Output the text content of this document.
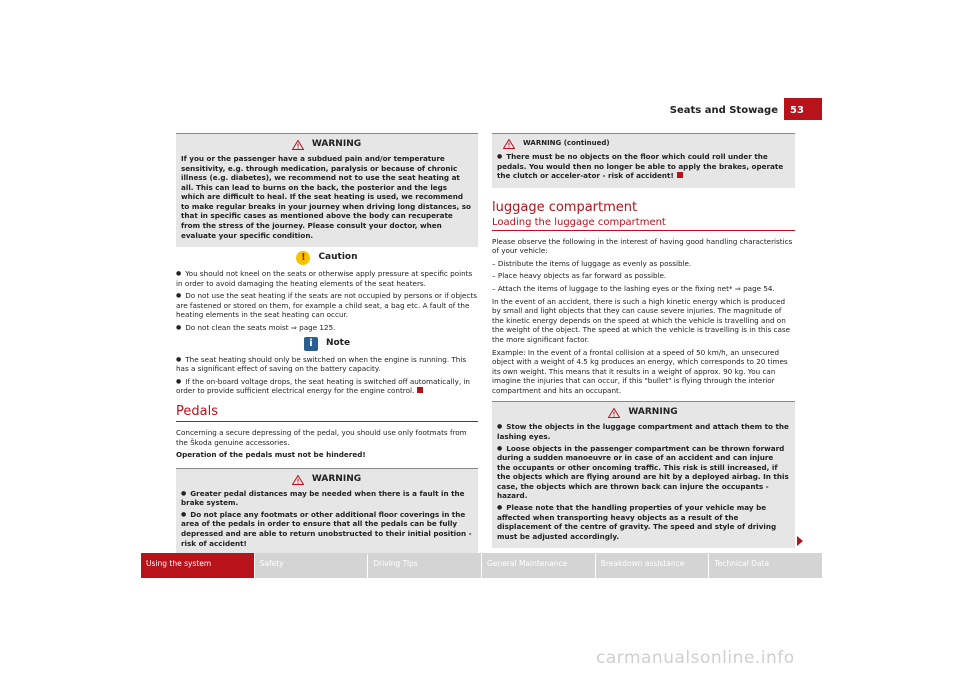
Seats and Stowage	53
WARNING

If you or the passenger have a subdued pain and/or temperature sensitivity, e.g. through medication, paralysis or because of chronic illness (e.g. diabetes), we recommend not to use the seat heating at all. This can lead to burns on the back, the posterior and the legs which are difficult to heal. If the seat heating is used, we recommend to make regular breaks in your journey when driving long distances, so that in specific cases as mentioned above the body can recuperate from the stress of the journey. Please consult your doctor, when evaluate your specific condition.

!	Caution

● You should not kneel on the seats or otherwise apply pressure at specific points in order to avoid damaging the heating elements of the seat heaters.

● Do not use the seat heating if the seats are not occupied by persons or if objects are fastened or stored on them, for example a child seat, a bag etc. A fault of the heating elements in the seat heating can occur.

● Do not clean the seats moist ⇒ page 125.

i	Note

● The seat heating should only be switched on when the engine is running. This has a significant effect of saving on the battery capacity.

● If the on-board voltage drops, the seat heating is switched off automatically, in order to provide sufficient electrical energy for the engine control.

Pedals

Concerning a secure depressing of the pedal, you should use only footmats from the Škoda genuine accessories.

Operation of the pedals must not be hindered!

WARNING

● Greater pedal distances may be needed when there is a fault in the brake system.

● Do not place any footmats or other additional floor coverings in the area of the pedals in order to ensure that all the pedals can be fully depressed and are able to return unobstructed to their initial position - risk of accident!

WARNING (continued)

● There must be no objects on the floor which could roll under the pedals. You would then no longer be able to apply the brakes, operate the clutch or acceler-ator - risk of accident!

luggage compartment
Loading the luggage compartment

Please observe the following in the interest of having good handling characteristics of your vehicle:

– Distribute the items of luggage as evenly as possible.

– Place heavy objects as far forward as possible.

– Attach the items of luggage to the lashing eyes or the fixing net* ⇒ page 54.

In the event of an accident, there is such a high kinetic energy which is produced by small and light objects that they can cause severe injuries. The magnitude of the kinetic energy depends on the speed at which the vehicle is travelling and on the weight of the object. The speed at which the vehicle is travelling is in this case the more significant factor.

Example: In the event of a frontal collision at a speed of 50 km/h, an unsecured object with a weight of 4.5 kg produces an energy, which corresponds to 20 times its own weight. This means that it results in a weight of approx. 90 kg. You can imagine the injuries that can occur, if this "bullet" is flying through the interior compartment and hits an occupant.

WARNING

● Stow the objects in the luggage compartment and attach them to the lashing eyes.

● Loose objects in the passenger compartment can be thrown forward during a sudden manoeuvre or in case of an accident and can injure the occupants or other oncoming traffic. This risk is still increased, if the objects which are flying around are hit by a deployed airbag. In this case, the objects which are thrown back can injure the occupants - hazard.

● Please note that the handling properties of your vehicle may be affected when transporting heavy objects as a result of the displacement of the centre of gravity. The speed and style of driving must be adjusted accordingly.

Using the system	Safety	Driving Tips	General Maintenance	Breakdown assistance	Technical Data
carmanualsonline.info
